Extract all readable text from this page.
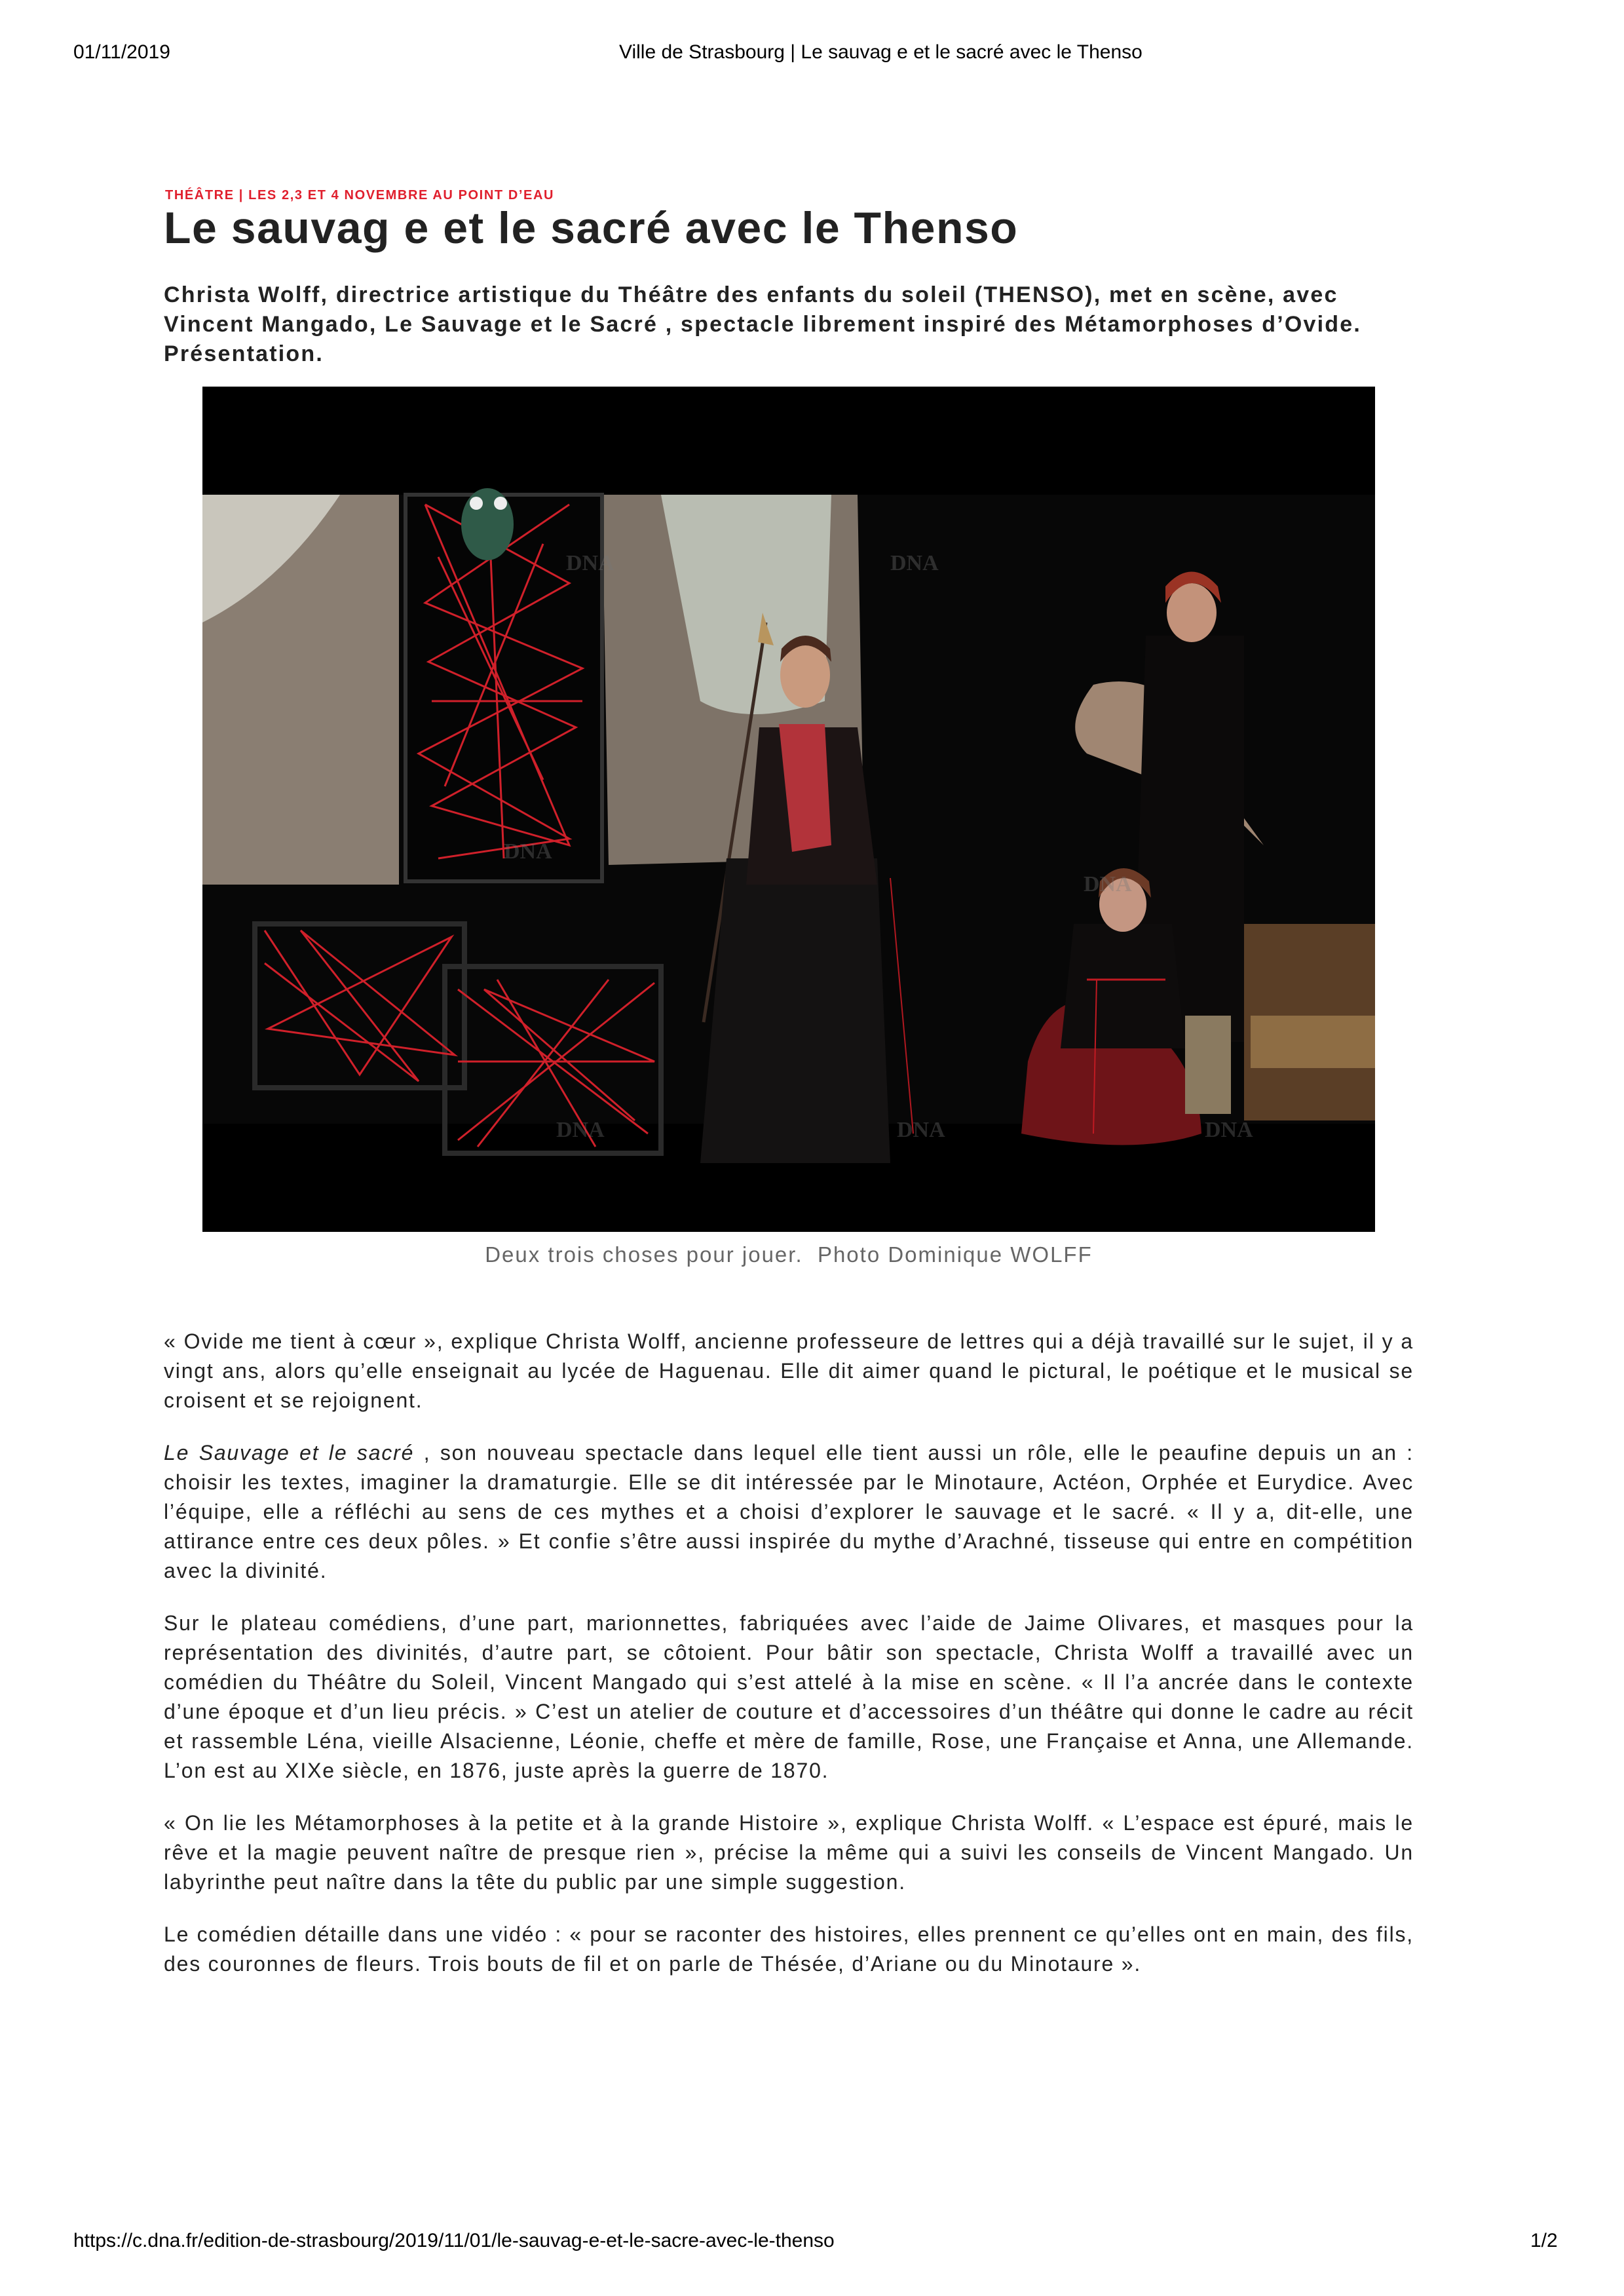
01/11/2019	Ville de Strasbourg | Le sauvag e et le sacré avec le Thenso
THÉÂTRE | LES 2,3 ET 4 NOVEMBRE AU POINT D’EAU
Le sauvag e et le sacré avec le Thenso

Christa Wolff, directrice artistique du Théâtre des enfants du soleil (THENSO), met en scène, avec Vincent Mangado, Le Sauvage et le Sacré , spectacle librement inspiré des Métamorphoses d’Ovide. Présentation.

« Ovide me tient à cœur », explique Christa Wolff, ancienne professeure de lettres qui a déjà travaillé sur le sujet, il y a vingt ans, alors qu’elle enseignait au lycée de Haguenau. Elle dit aimer quand le pictural, le poétique et le musical se croisent et se rejoignent.

Le Sauvage et le sacré , son nouveau spectacle dans lequel elle tient aussi un rôle, elle le peaufine depuis un an : choisir les textes, imaginer la dramaturgie. Elle se dit intéressée par le Minotaure, Actéon, Orphée et Eurydice. Avec l’équipe, elle a réfléchi au sens de ces mythes et a choisi d’explorer le sauvage et le sacré. « Il y a, dit-elle, une attirance entre ces deux pôles. » Et confie s’être aussi inspirée du mythe d’Arachné, tisseuse qui entre en compétition avec la divinité.

Sur le plateau comédiens, d’une part, marionnettes, fabriquées avec l’aide de Jaime Olivares, et masques pour la représentation des divinités, d’autre part, se côtoient. Pour bâtir son spectacle, Christa Wolff a travaillé avec un comédien du Théâtre du Soleil, Vincent Mangado qui s’est attelé à la mise en scène. « Il l’a ancrée dans le contexte d’une époque et d’un lieu précis. » C’est un atelier de couture et d’accessoires d’un théâtre qui donne le cadre au récit et rassemble Léna, vieille Alsacienne, Léonie, cheffe et mère de famille, Rose, une Française et Anna, une Allemande. L’on est au XIXe siècle, en 1876, juste après la guerre de 1870.

« On lie les Métamorphoses à la petite et à la grande Histoire », explique Christa Wolff. « L’espace est épuré, mais le rêve et la magie peuvent naître de presque rien », précise la même qui a suivi les conseils de Vincent Mangado. Un labyrinthe peut naître dans la tête du public par une simple suggestion.

Le comédien détaille dans une vidéo : « pour se raconter des histoires, elles prennent ce qu’elles ont en main, des fils, des couronnes de fleurs. Trois bouts de fil et on parle de Thésée, d’Ariane ou du Minotaure ».

DNA	DNA
DNA
DNA
DNA	DNA	DNA
Deux trois choses pour jouer.  Photo Dominique WOLFF
https://c.dna.fr/edition-de-strasbourg/2019/11/01/le-sauvag-e-et-le-sacre-avec-le-thenso	1/2
